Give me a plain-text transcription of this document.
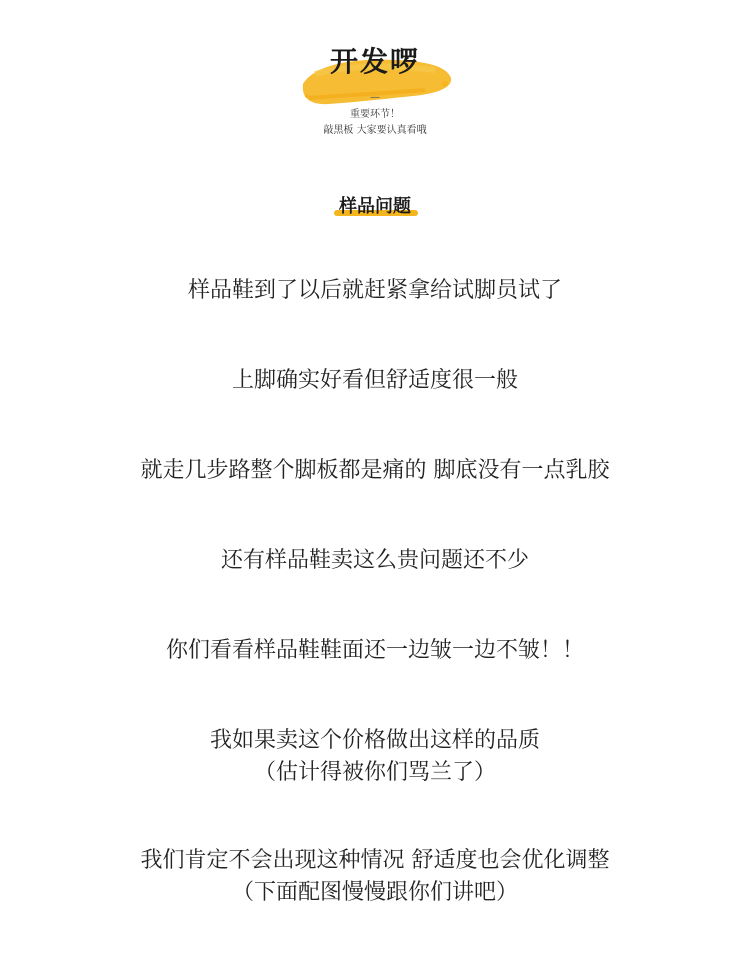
开发啰
—
重要环节！
敲黑板 大家要认真看哦
样品问题
样品鞋到了以后就赶紧拿给试脚员试了
上脚确实好看但舒适度很一般
就走几步路整个脚板都是痛的 脚底没有一点乳胶
还有样品鞋卖这么贵问题还不少
你们看看样品鞋鞋面还一边皱一边不皱！！
我如果卖这个价格做出这样的品质
（估计得被你们骂兰了）
我们肯定不会出现这种情况 舒适度也会优化调整
（下面配图慢慢跟你们讲吧）
